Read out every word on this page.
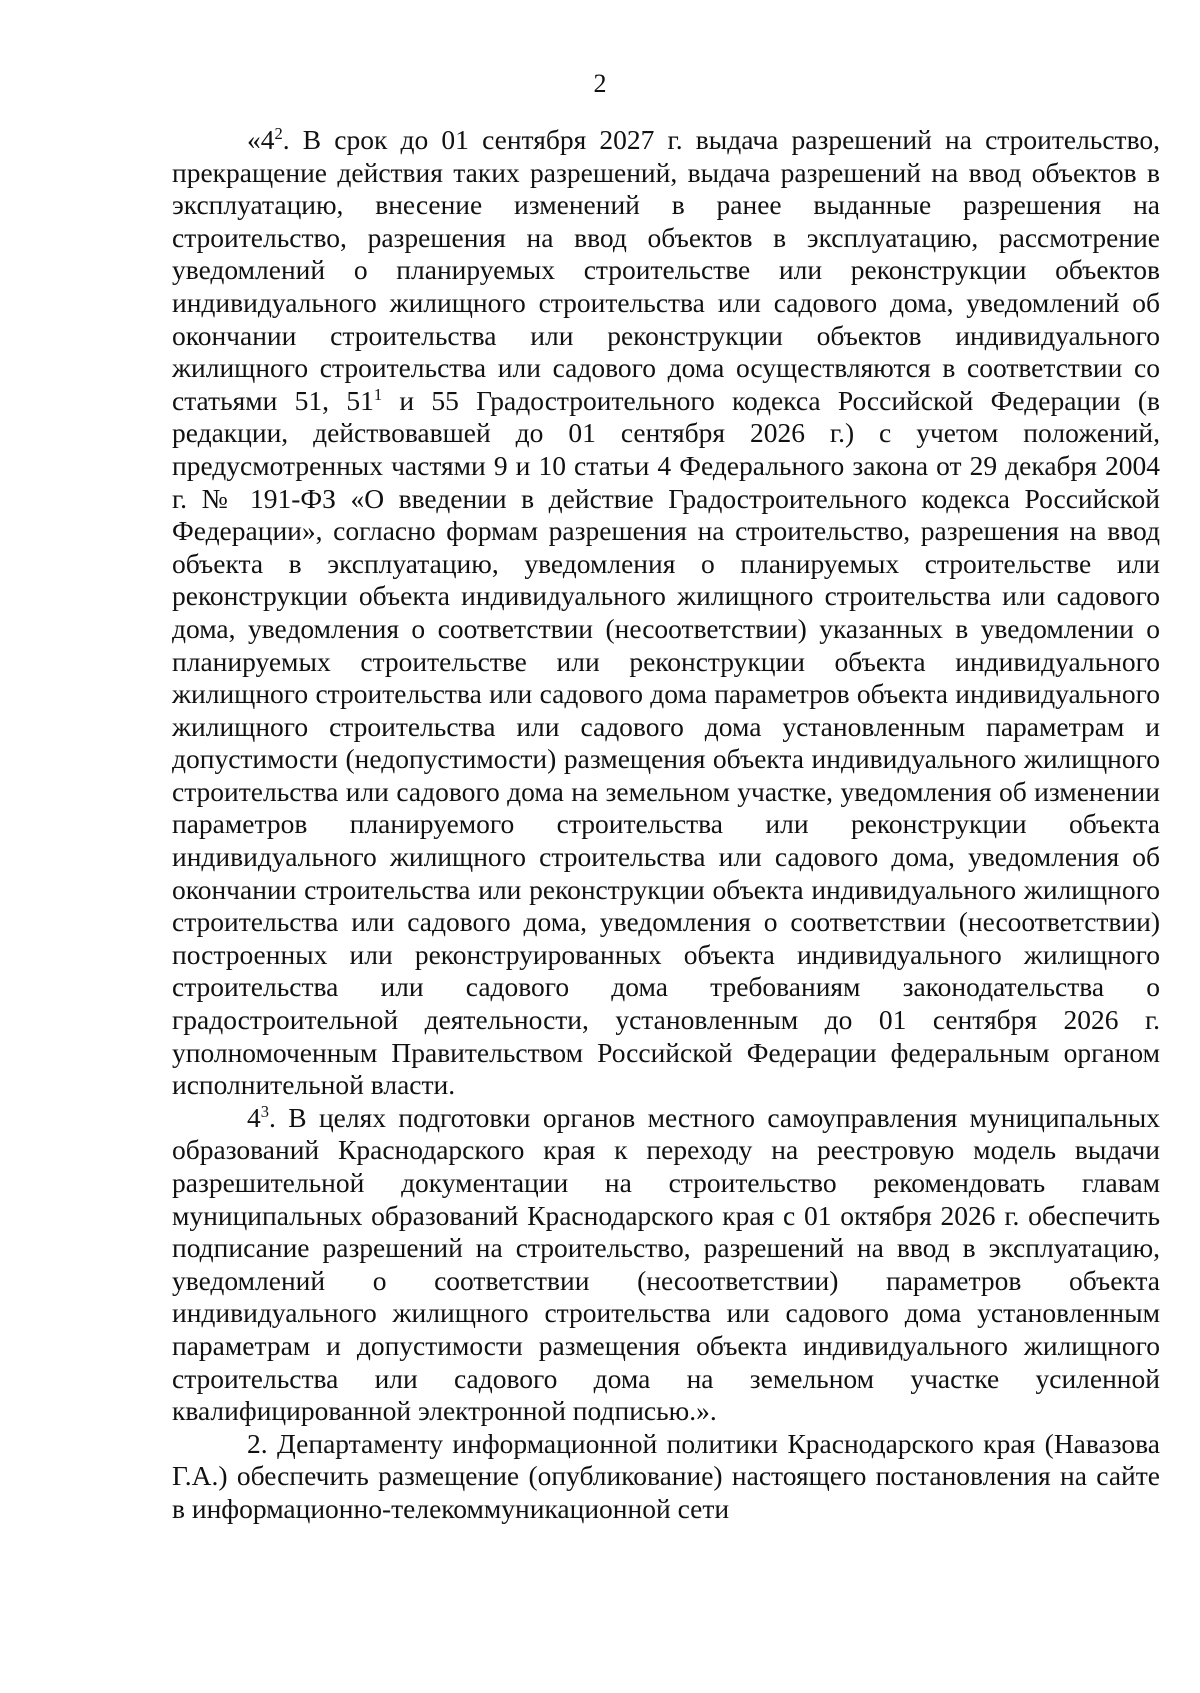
2

«$4^2$. В срок до 01 сентября 2027 г. выдача разрешений на строительство, прекращение действия таких разрешений, выдача разрешений на ввод объектов в эксплуатацию, внесение изменений в ранее выданные разрешения на строительство, разрешения на ввод объектов в эксплуатацию, рассмотрение уведомлений о планируемых строительстве или реконструкции объектов индивидуального жилищного строительства или садового дома, уведомлений об окончании строительства или реконструкции объектов индивидуального жилищного строительства или садового дома осуществляются в соответствии со статьями 51, $51^1$ и 55 Градостроительного кодекса Российской Федерации (в редакции, действовавшей до 01 сентября 2026 г.) с учетом положений, предусмотренных частями 9 и 10 статьи 4 Федерального закона от 29 декабря 2004 г. № 191-ФЗ «О введении в действие Градостроительного кодекса Российской Федерации», согласно формам разрешения на строительство, разрешения на ввод объекта в эксплуатацию, уведомления о планируемых строительстве или реконструкции объекта индивидуального жилищного строительства или садового дома, уведомления о соответствии (несоответствии) указанных в уведомлении о планируемых строительстве или реконструкции объекта индивидуального жилищного строительства или садового дома параметров объекта индивидуального жилищного строительства или садового дома установленным параметрам и допустимости (недопустимости) размещения объекта индивидуального жилищного строительства или садового дома на земельном участке, уведомления об изменении параметров планируемого строительства или реконструкции объекта индивидуального жилищного строительства или садового дома, уведомления об окончании строительства или реконструкции объекта индивидуального жилищного строительства или садового дома, уведомления о соответствии (несоответствии) построенных или реконструированных объекта индивидуального жилищного строительства или садового дома требованиям законодательства о градостроительной деятельности, установленным до 01 сентября 2026 г. уполномоченным Правительством Российской Федерации федеральным органом исполнительной власти.

$4^3$. В целях подготовки органов местного самоуправления муниципальных образований Краснодарского края к переходу на реестровую модель выдачи разрешительной документации на строительство рекомендовать главам муниципальных образований Краснодарского края с 01 октября 2026 г. обеспечить подписание разрешений на строительство, разрешений на ввод в эксплуатацию, уведомлений о соответствии (несоответствии) параметров объекта индивидуального жилищного строительства или садового дома установленным параметрам и допустимости размещения объекта индивидуального жилищного строительства или садового дома на земельном участке усиленной квалифицированной электронной подписью.».

2. Департаменту информационной политики Краснодарского края (Навазова Г.А.) обеспечить размещение (опубликование) настоящего постановления на сайте в информационно-телекоммуникационной сети
